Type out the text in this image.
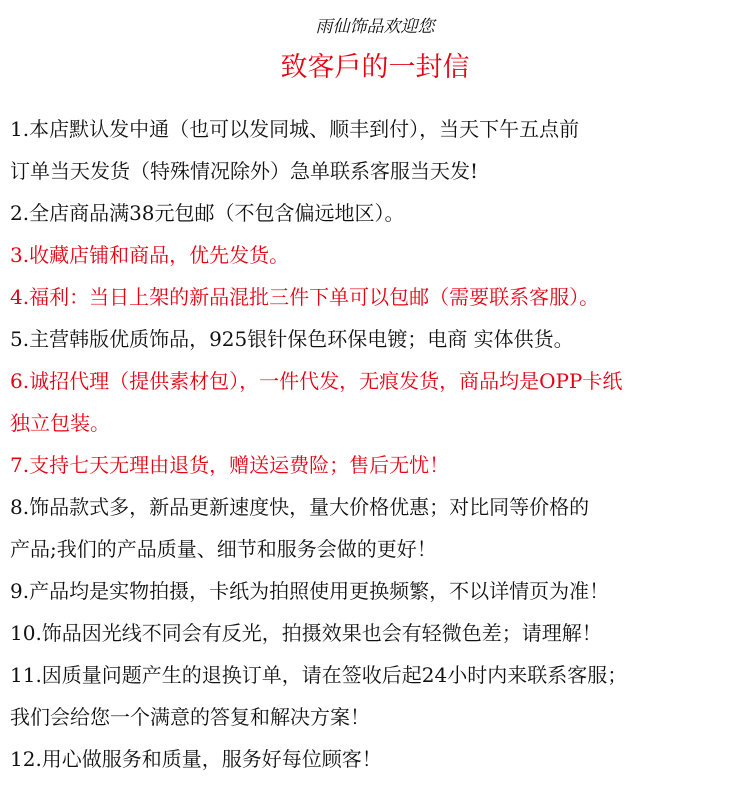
雨仙饰品欢迎您
致客戶的一封信
1.本店默认发中通（也可以发同城、顺丰到付），当天下午五点前
订单当天发货（特殊情况除外）急单联系客服当天发!
2.全店商品满38元包邮（不包含偏远地区）。
3.收藏店铺和商品，优先发货。
4.福利：当日上架的新品混批三件下单可以包邮（需要联系客服）。
5.主营韩版优质饰品，925银针保色环保电镀；电商 实体供货。
6.诚招代理（提供素材包），一件代发，无痕发货，商品均是OPP卡纸
独立包装。
7.支持七天无理由退货，赠送运费险；售后无忧！
8.饰品款式多，新品更新速度快，量大价格优惠；对比同等价格的
产品;我们的产品质量、细节和服务会做的更好！
9.产品均是实物拍摄，卡纸为拍照使用更换频繁，不以详情页为准！
10.饰品因光线不同会有反光，拍摄效果也会有轻微色差；请理解！
11.因质量问题产生的退换订单，请在签收后起24小时内来联系客服；
我们会给您一个满意的答复和解决方案！
12.用心做服务和质量，服务好每位顾客！
